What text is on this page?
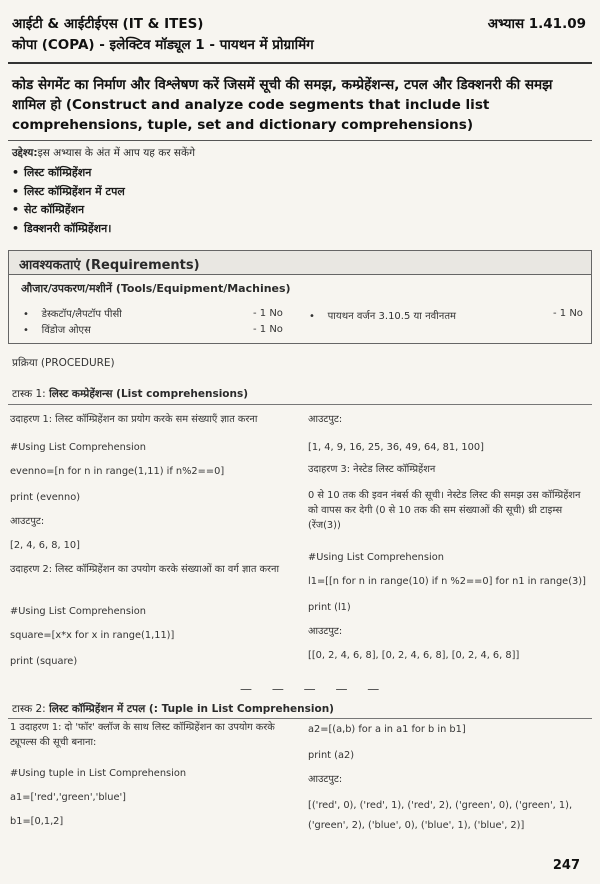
आईटी & आईटीईएस (IT & ITES)	अभ्यास 1.41.09
कोपा (COPA) - इलेक्टिव मॉड्यूल 1 - पायथन में प्रोग्रामिंग
कोड सेगमेंट का निर्माण और विश्लेषण करें जिसमें सूची की समझ, कम्प्रेहेंशन्स, टपल और डिक्शनरी की समझ शामिल हो (Construct and analyze code segments that include list comprehensions, tuple, set and dictionary comprehensions)
उद्देश्य:इस अभ्यास के अंत में आप यह कर सकेंगे
• लिस्ट कॉम्प्रिहेंशन
• लिस्ट कॉम्प्रिहेंशन में टपल
• सेट कॉम्प्रिहेंशन
• डिक्शनरी कॉम्प्रिहेंशन।
आवश्यकताएं (Requirements)
औजार/उपकरण/मशीनें (Tools/Equipment/Machines)
•    डेस्कटॉप/लैपटॉप पीसी	- 1 No
•    विंडोज ओएस	- 1 No
•    पायथन वर्जन 3.10.5 या नवीनतम	- 1 No
प्रक्रिया (PROCEDURE)
टास्क 1: लिस्ट कम्प्रेहेंशन्स (List comprehensions)

उदाहरण 1: लिस्ट कॉम्प्रिहेंशन का प्रयोग करके सम संख्याएँ ज्ञात करना

#Using List Comprehension

evenno=[n for n in range(1,11) if n%2==0]

print (evenno)

आउटपुट:

[2, 4, 6, 8, 10]

उदाहरण 2: लिस्ट कॉम्प्रिहेंशन का उपयोग करके संख्याओं का वर्ग ज्ञात करना

#Using List Comprehension

square=[x*x for x in range(1,11)]

print (square)

आउटपुट:

[1, 4, 9, 16, 25, 36, 49, 64, 81, 100]

उदाहरण 3: नेस्टेड लिस्ट कॉम्प्रिहेंशन

0 से 10 तक की इवन नंबर्स की सूची। नेस्टेड लिस्ट की समझ उस कॉम्प्रिहेंशन को वापस कर देगी (0 से 10 तक की सम संख्याओं की सूची) थ्री टाइम्स (रेंज(3))

#Using List Comprehension

l1=[[n for n in range(10) if n %2==0] for n1 in range(3)]

print (l1)

आउटपुट:

[[0, 2, 4, 6, 8], [0, 2, 4, 6, 8], [0, 2, 4, 6, 8]]

— — — — —
टास्क 2: लिस्ट कॉम्प्रिहेंशन में टपल (: Tuple in List Comprehension)

1 उदाहरण 1: दो 'फॉर' क्लॉज के साथ लिस्ट कॉम्प्रिहेंशन का उपयोग करके ट्यूपल्स की सूची बनाना:

#Using tuple in List Comprehension

a1=['red','green','blue']

b1=[0,1,2]

a2=[(a,b) for a in a1 for b in b1]

print (a2)

आउटपुट:

[('red', 0), ('red', 1), ('red', 2), ('green', 0), ('green', 1), ('green', 2), ('blue', 0), ('blue', 1), ('blue', 2)]

247
